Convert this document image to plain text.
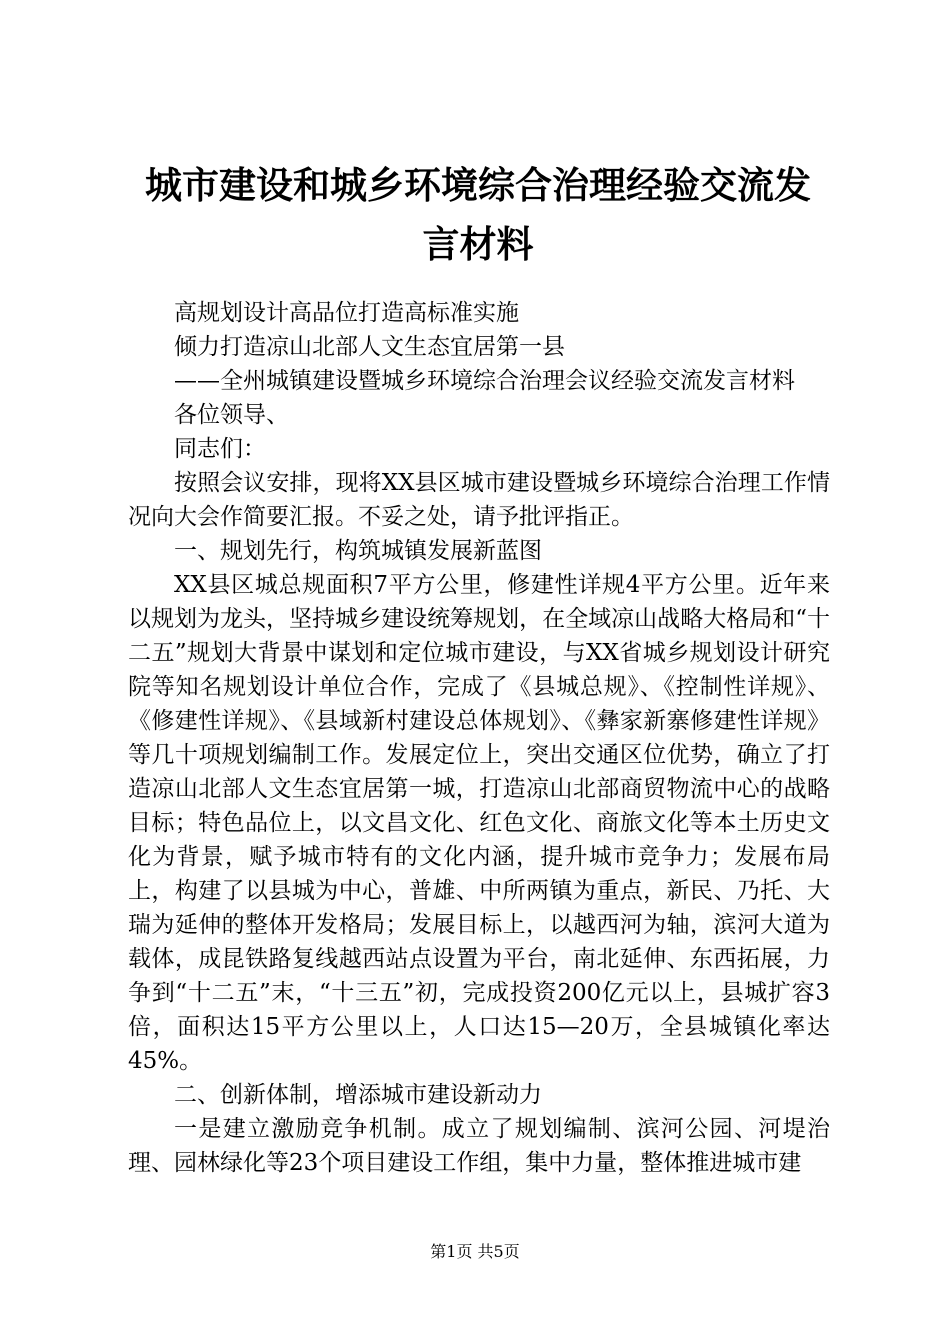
城市建设和城乡环境综合治理经验交流发言材料

高规划设计高品位打造高标准实施

倾力打造凉山北部人文生态宜居第一县

——全州城镇建设暨城乡环境综合治理会议经验交流发言材料

各位领导、

同志们：

按照会议安排，现将XX县区城市建设暨城乡环境综合治理工作情况向大会作简要汇报。不妥之处，请予批评指正。

一、规划先行，构筑城镇发展新蓝图

XX县区城总规面积7平方公里，修建性详规4平方公里。近年来以规划为龙头，坚持城乡建设统筹规划，在全域凉山战略大格局和“十二五”规划大背景中谋划和定位城市建设，与XX省城乡规划设计研究院等知名规划设计单位合作，完成了《县城总规》、《控制性详规》、《修建性详规》、《县域新村建设总体规划》、《彝家新寨修建性详规》等几十项规划编制工作。发展定位上，突出交通区位优势，确立了打造凉山北部人文生态宜居第一城，打造凉山北部商贸物流中心的战略目标；特色品位上，以文昌文化、红色文化、商旅文化等本土历史文化为背景，赋予城市特有的文化内涵，提升城市竞争力；发展布局上，构建了以县城为中心，普雄、中所两镇为重点，新民、乃托、大瑞为延伸的整体开发格局；发展目标上，以越西河为轴，滨河大道为载体，成昆铁路复线越西站点设置为平台，南北延伸、东西拓展，力争到“十二五”末，“十三五”初，完成投资200亿元以上，县城扩容3倍，面积达15平方公里以上，人口达15—20万，全县城镇化率达45%。

二、创新体制，增添城市建设新动力

一是建立激励竞争机制。成立了规划编制、滨河公园、河堤治理、园林绿化等23个项目建设工作组，集中力量，整体推进城市建

第1页 共5页
